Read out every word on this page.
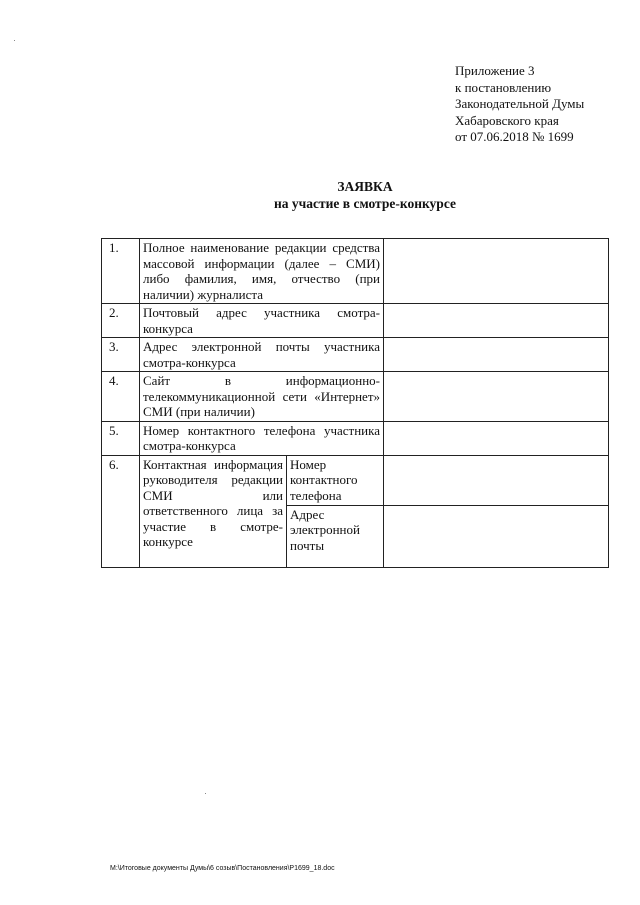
Приложение 3
к постановлению
Законодательной Думы
Хабаровского края
от 07.06.2018 № 1699
ЗАЯВКА
на участие в смотре-конкурсе
1.	Полное наименование редакции средства массовой информации (далее – СМИ) либо фамилия, имя, отчество (при наличии) журналиста		
2.	Почтовый адрес участника смотра-конкурса		
3.	Адрес электронной почты участника смотра-конкурса		
4.	Сайт в информационно-телекоммуникационной сети «Интернет» СМИ (при наличии)		
5.	Номер контактного телефона участника смотра-конкурса		
6.	Контактная информация руководителя редакции СМИ или ответственного лица за участие в смотре-конкурсе	Номер контактного телефона	
		Адрес электронной почты	
M:\Итоговые документы Думы\6 созыв\Постановления\P1699_18.doc
